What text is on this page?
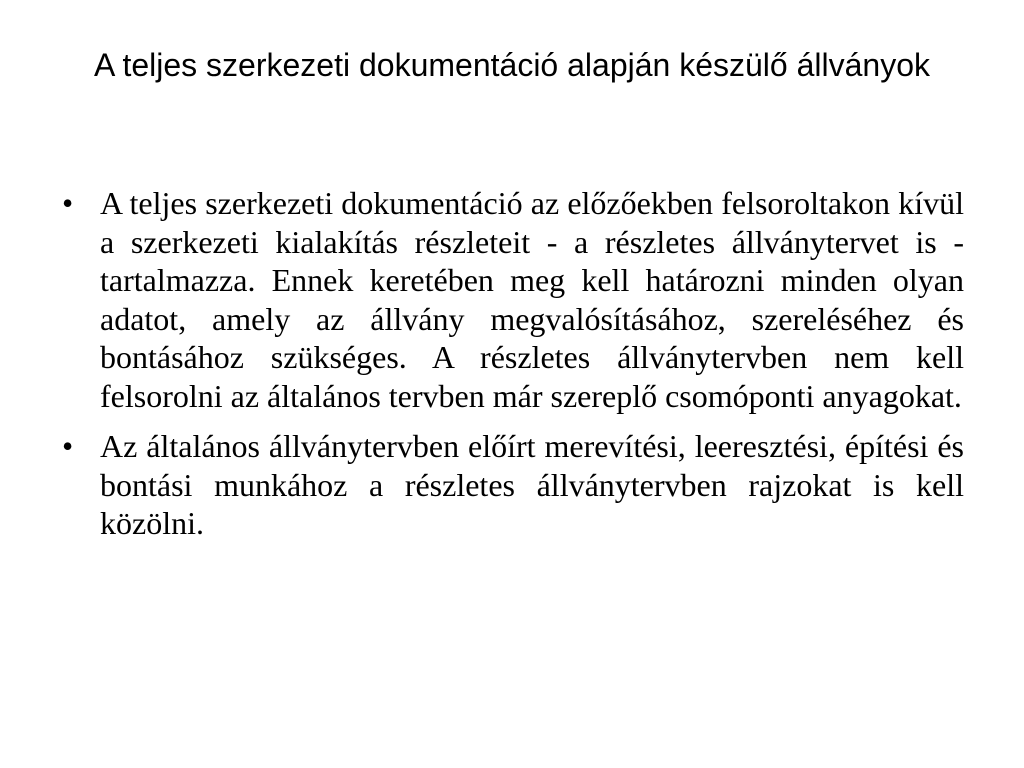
A teljes szerkezeti dokumentáció alapján készülő állványok
• A teljes szerkezeti dokumentáció az előzőekben felsoroltakon kívül a szerkezeti kialakítás részleteit - a részletes állványtervet is - tartalmazza. Ennek keretében meg kell határozni minden olyan adatot, amely az állvány megvalósításához, szereléséhez és bontásához szükséges. A részletes állványtervben nem kell felsorolni az általános tervben már szereplő csomóponti anyagokat.
• Az általános állványtervben előírt merevítési, leeresztési, építési és bontási munkához a részletes állványtervben rajzokat is kell közölni.
